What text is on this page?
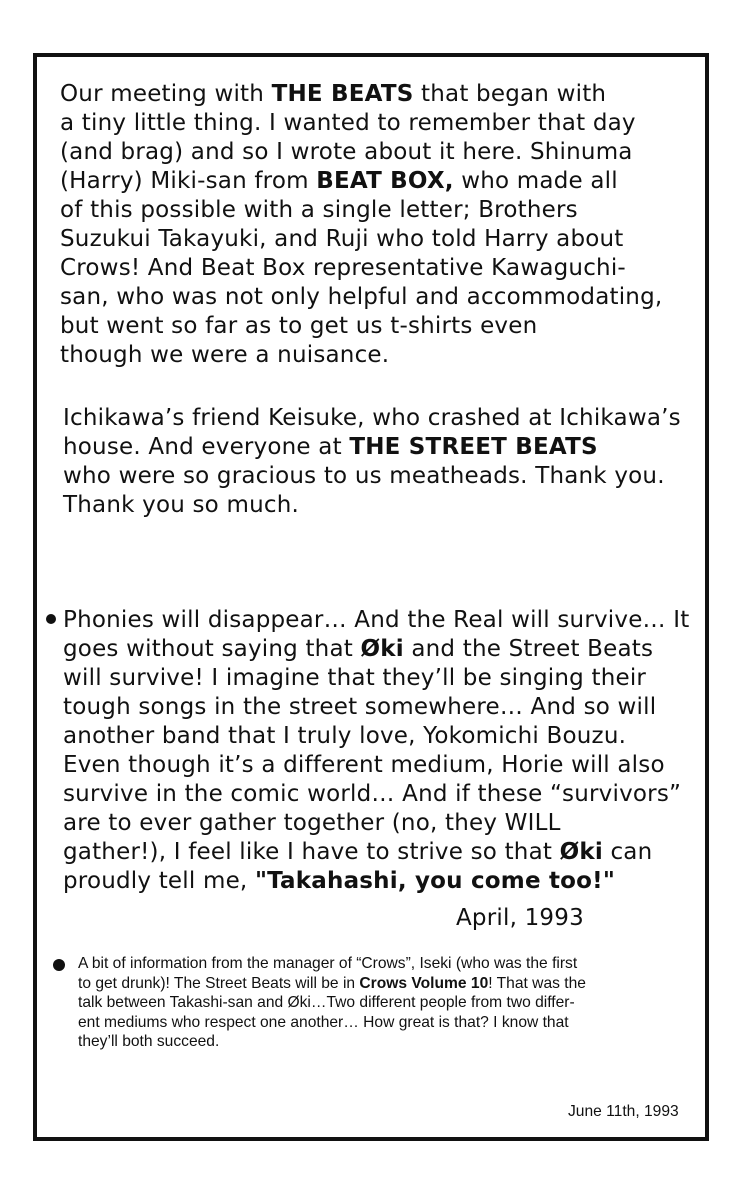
Our meeting with THE BEATS that began with
a tiny little thing. I wanted to remember that day
(and brag) and so I wrote about it here. Shinuma
(Harry) Miki-san from BEAT BOX, who made all
of this possible with a single letter; Brothers
Suzukui Takayuki, and Ruji who told Harry about
Crows! And Beat Box representative Kawaguchi-
san, who was not only helpful and accommodating,
but went so far as to get us t-shirts even
though we were a nuisance.
Ichikawa’s friend Keisuke, who crashed at Ichikawa’s
house. And everyone at THE STREET BEATS
who were so gracious to us meatheads. Thank you.
Thank you so much.
Phonies will disappear… And the Real will survive… It
goes without saying that Øki and the Street Beats
will survive! I imagine that they’ll be singing their
tough songs in the street somewhere… And so will
another band that I truly love, Yokomichi Bouzu.
Even though it’s a different medium, Horie will also
survive in the comic world… And if these “survivors”
are to ever gather together (no, they WILL
gather!), I feel like I have to strive so that Øki can
proudly tell me, "Takahashi, you come too!"
April, 1993
A bit of information from the manager of “Crows”, Iseki (who was the first
to get drunk)! The Street Beats will be in Crows Volume 10! That was the
talk between Takashi-san and Øki…Two different people from two differ-
ent mediums who respect one another… How great is that? I know that
they’ll both succeed.
June 11th, 1993
